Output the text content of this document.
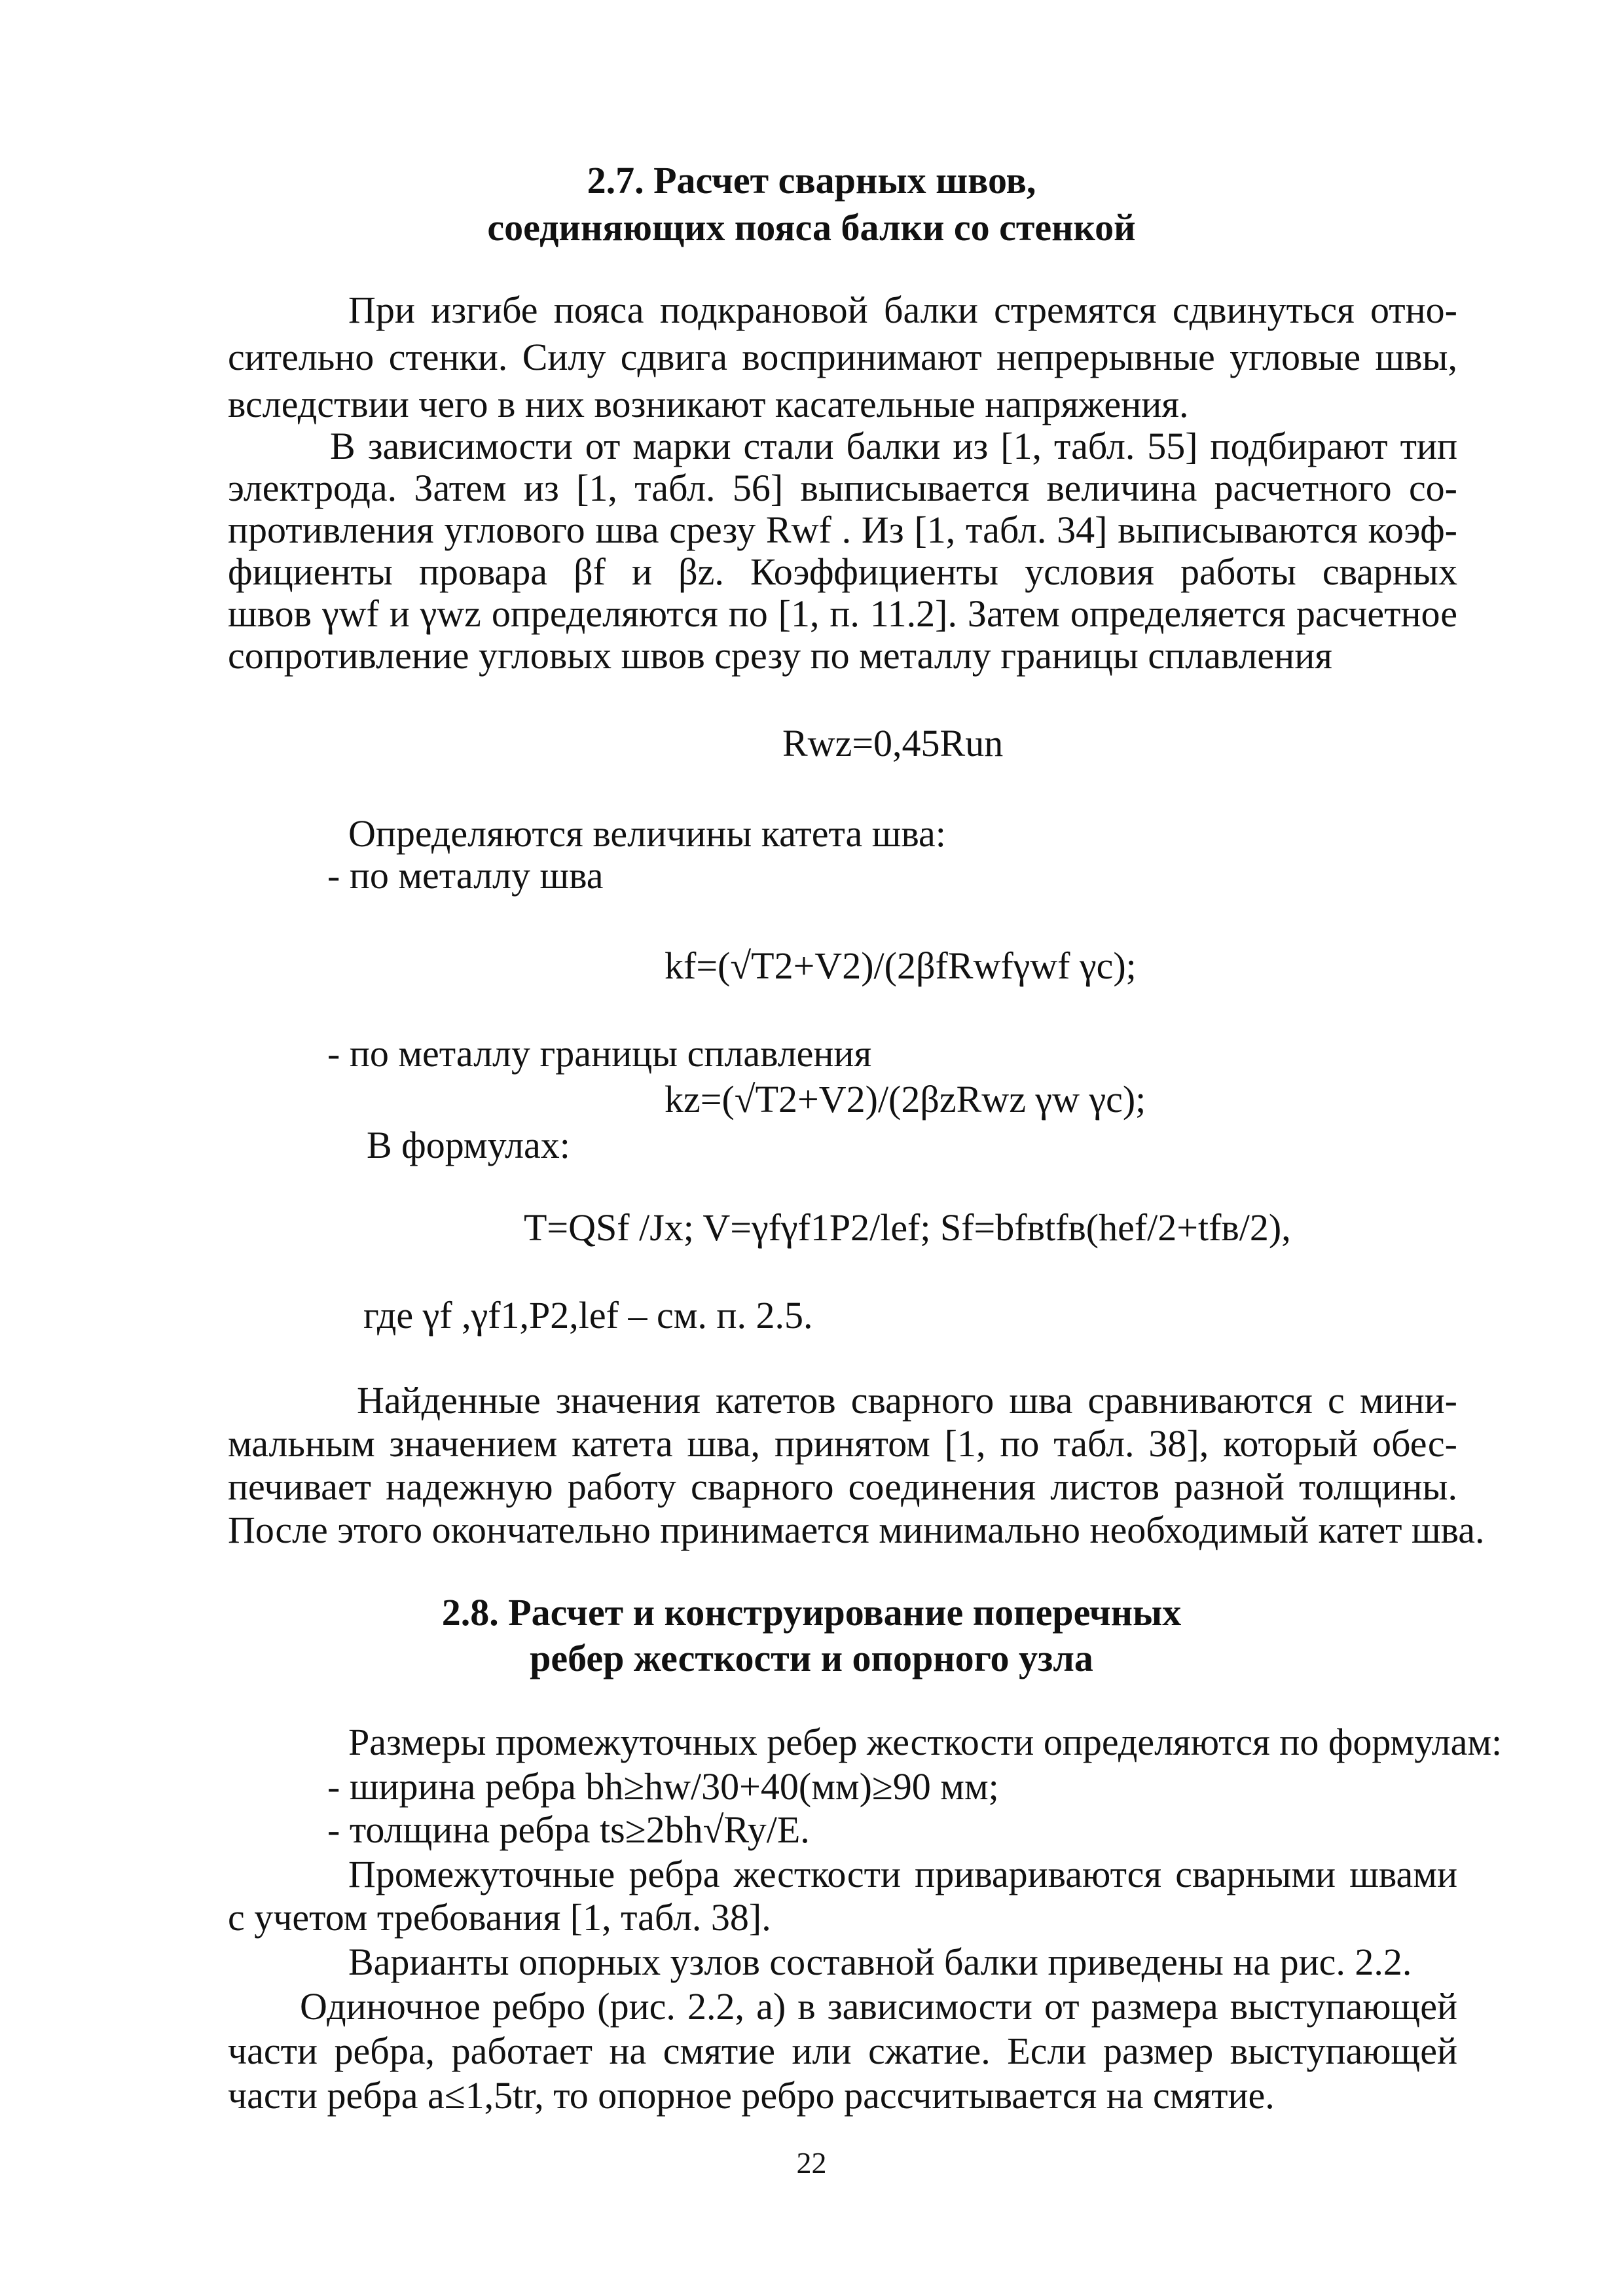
2.7. Расчет сварных швов,
соединяющих пояса балки со стенкой
При изгибе пояса подкрановой балки стремятся сдвинуться отно-
сительно стенки. Силу сдвига воспринимают непрерывные угловые швы,
вследствии чего в них возникают касательные напряжения.
В зависимости от марки стали балки из [1, табл. 55] подбирают тип
электрода. Затем из [1, табл. 56] выписывается величина расчетного со-
противления углового шва срезу Rwf . Из [1, табл. 34] выписываются коэф-
фициенты провара βf и βz. Коэффициенты условия работы сварных
швов γwf и γwz определяются по [1, п. 11.2]. Затем определяется расчетное
сопротивление угловых швов срезу по металлу границы сплавления
Rwz=0,45Run
Определяются величины катета шва:
- по металлу шва
kf=(√T2+V2)/(2βfRwfγwf γc);
- по металлу границы сплавления
kz=(√T2+V2)/(2βzRwz γw γc);
В формулах:
T=QSf /Jx; V=γfγf1P2/lef; Sf=bfвtfв(hef/2+tfв/2),
где γf ,γf1,P2,lef – см. п. 2.5.
Найденные значения катетов сварного шва сравниваются с мини-
мальным значением катета шва, принятом [1, по табл. 38], который обес-
печивает надежную работу сварного соединения листов разной толщины.
После этого окончательно принимается минимально необходимый катет шва.
2.8. Расчет и конструирование поперечных
ребер жесткости и опорного узла
Размеры промежуточных ребер жесткости определяются по формулам:
- ширина ребра bh≥hw/30+40(мм)≥90 мм;
- толщина ребра ts≥2bh√Ry/E.
Промежуточные ребра жесткости привариваются сварными швами
с учетом требования [1, табл. 38].
Варианты опорных узлов составной балки приведены на рис. 2.2.
Одиночное ребро (рис. 2.2, а) в зависимости от размера выступающей
части ребра, работает на смятие или сжатие. Если размер выступающей
части ребра a≤1,5tr, то опорное ребро рассчитывается на смятие.
22
